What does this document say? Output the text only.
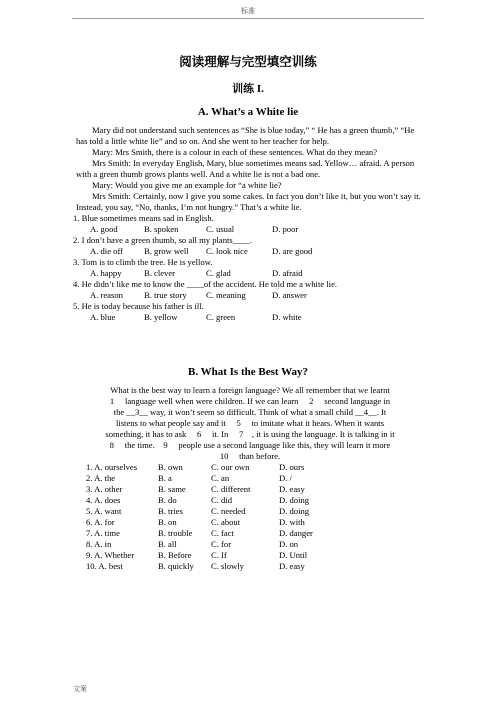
标准
阅读理解与完型填空训练
训练 I.
A. What’s a White lie

Mary did not understand such sentences as “She is blue today,” “ He has a green thumb,” “He has told a little white lie” and so on. And she went to her teacher for help.

Mary: Mrs Smith, there is a colour in each of these sentences. What do they mean?

Mrs Smith: In everyday English, Mary, blue sometimes means sad. Yellow… afraid. A person with a green thumb grows plants well. And a white lie is not a bad one.

Mary: Would you give me an example for “a white lie?

Mrs Smith: Certainly, now I give you some cakes. In fact you don’t like it, but you won’t say it. Instead, you say, “No, thanks, I’m not hungry.” That’s a white lie.

1. Blue sometimes means sad in English.

A. good	B. spoken	C. usual	D. poor

2. I don’t have a green thumb, so all my plants____.

A. die off B. grow well C. look nice	D. are good

3. Tom is to climb the tree. He is yellow.

A. happy	B. clever	C. glad	D. afraid

4. He didn’t like me to know the ____of the accident. He told me a white lie.

A. reason B. true story C. meaning	D. answer

5. He is today because his father is ill.

A. blue	B. yellow	C. green	D. white
B. What Is the Best Way?

What is the best way to learn a foreign language? We all remember that we learnt

1     language well when were children. If we can learn     2     second language in

the __3__ way, it won’t seem so difficult. Think of what a small child __4__. It

listens to what people say and it     5     to imitate what it hears. When it wants

something, it has to ask     6     it. In     7    , it is using the language. It is talking in it

8     the time.    9     people use a second language like this, they will learn it more

10     than before.

1. A. ourselves B. own	C. our own	D. ours
2. A. the	B. a	C. an	D. /
3. A. other	B. same	C. different	D. easy
4. A. does	B. do	C. did	D. doing
5. A. want	B. tries	C. needed	D. doing
6. A. for	B. on	C. about	D. with
7. A. time	B. trouble C. fact	D. danger
8. A. in	B. all	C. for	D. on
9. A. Whether	B. Before C. If	D. Until
10. A. best	B. quickly C. slowly	D. easy
文案
